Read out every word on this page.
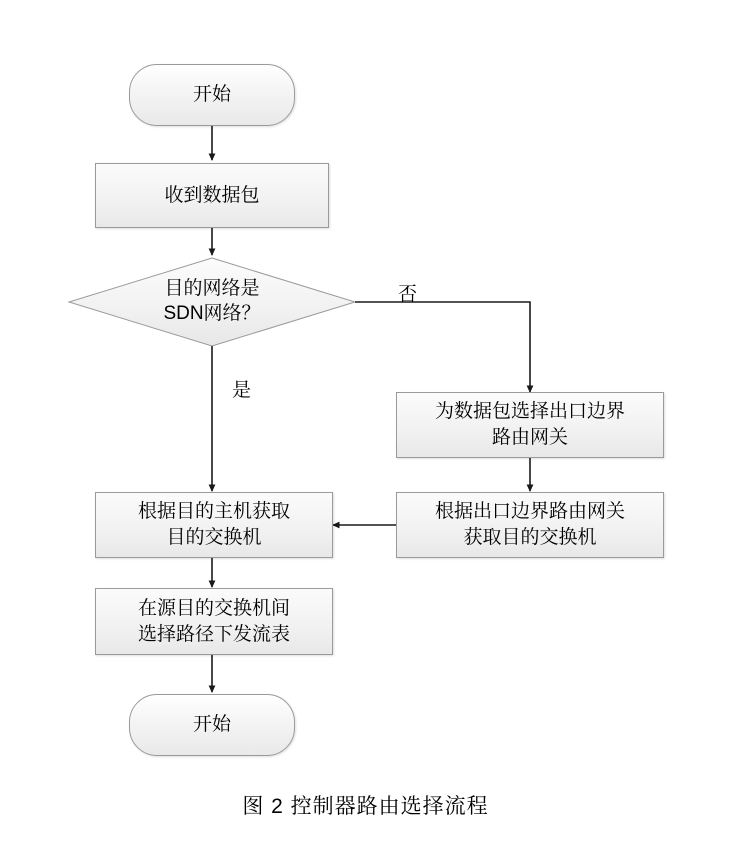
开始
收到数据包
目的网络是
SDN网络？
否
是
为数据包选择出口边界
路由网关
根据目的主机获取
目的交换机
根据出口边界路由网关
获取目的交换机
在源目的交换机间
选择路径下发流表
开始
图 2 控制器路由选择流程
